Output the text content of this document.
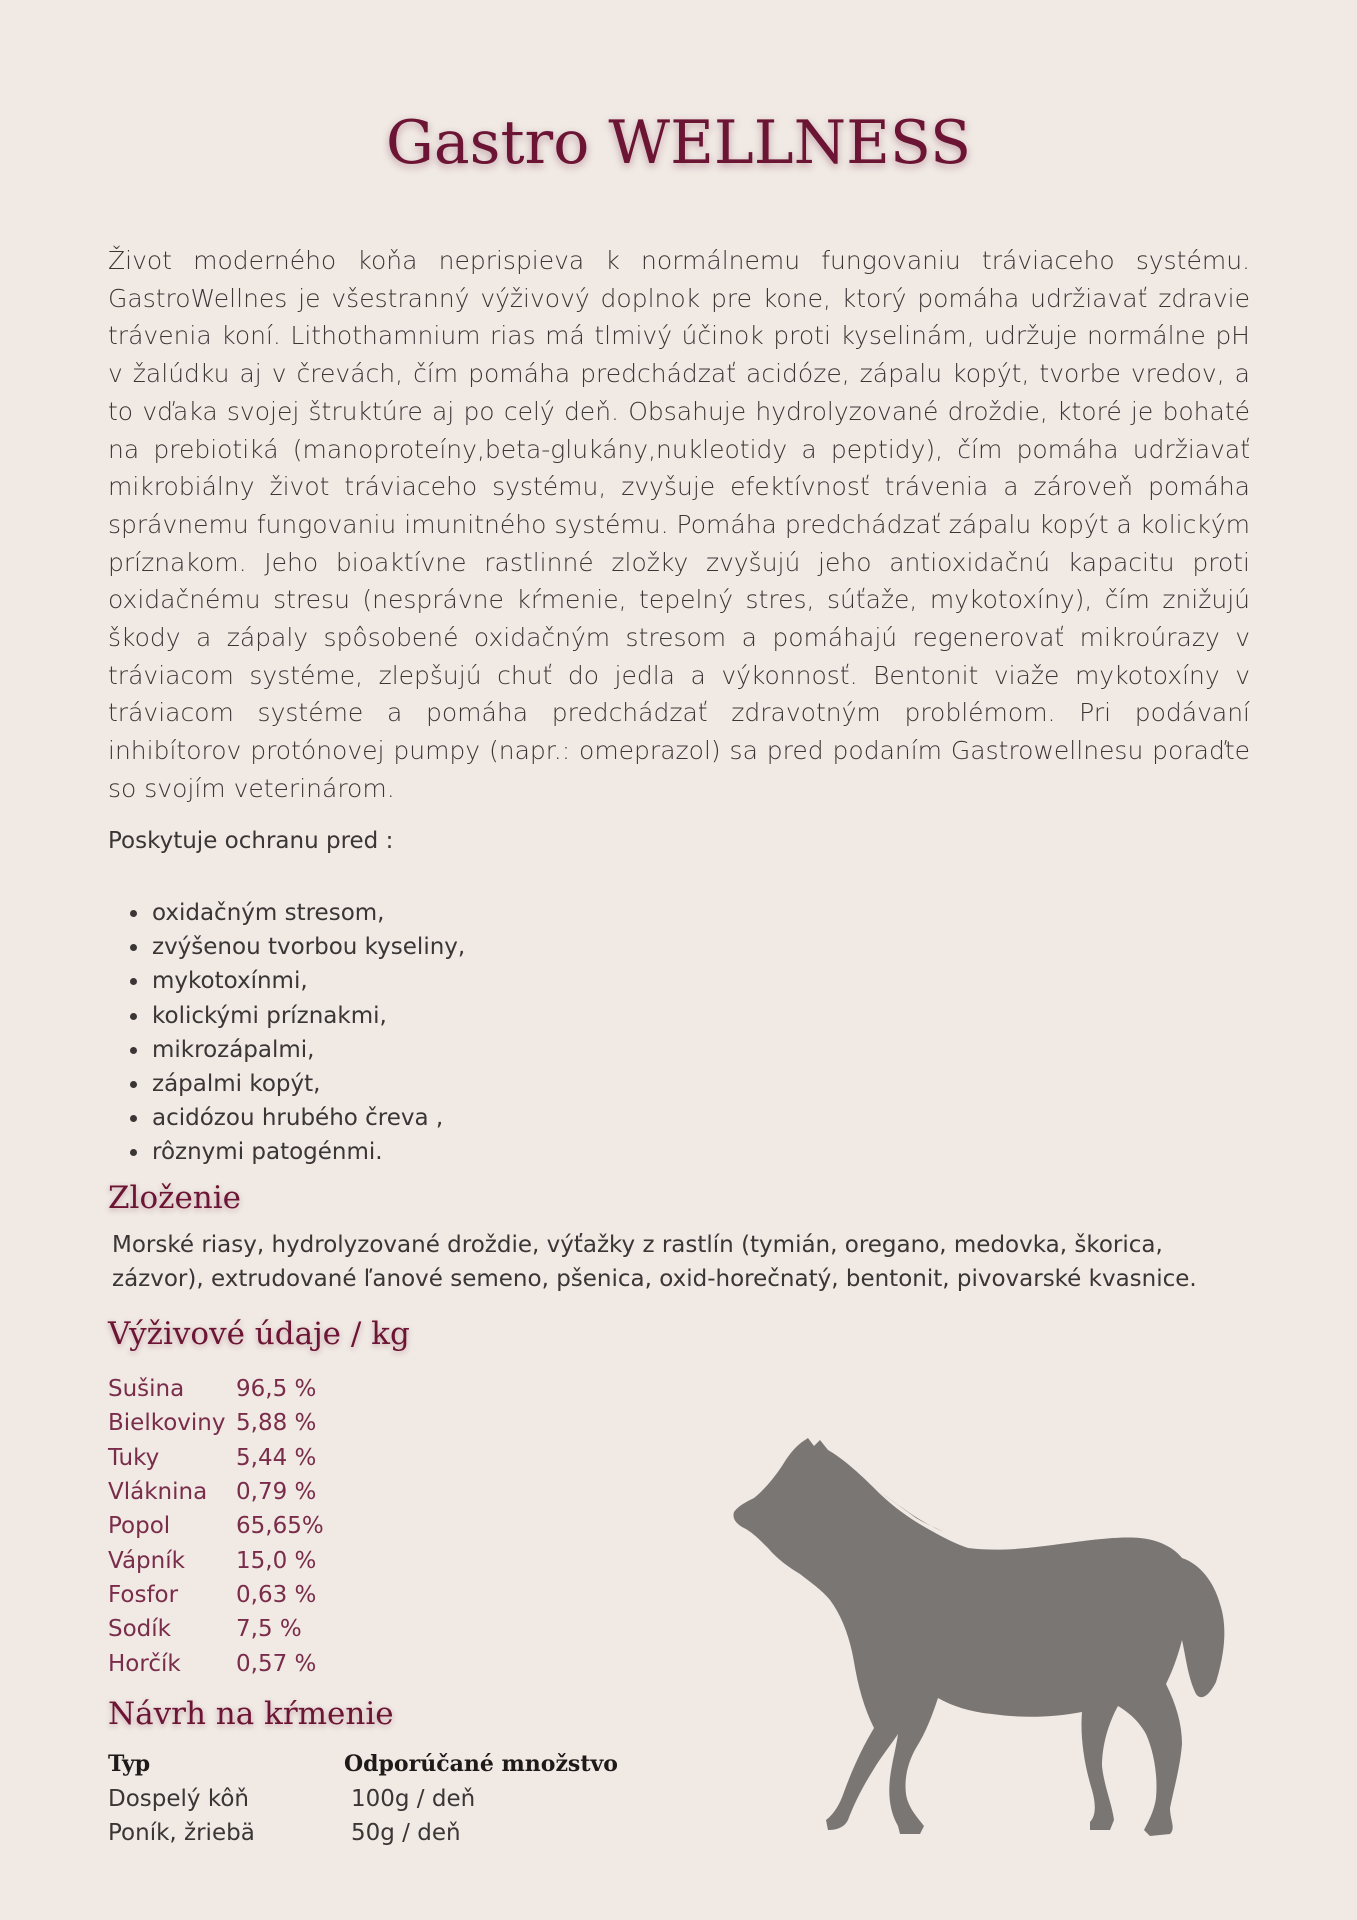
Gastro WELLNESS

Život moderného koňa neprispieva k normálnemu fungovaniu tráviaceho systému. GastroWellnes je všestranný výživový doplnok pre kone, ktorý pomáha udržiavať zdravie trávenia koní. Lithothamnium rias má tlmivý účinok proti kyselinám, udržuje normálne pH v žalúdku aj v črevách, čím pomáha predchádzať acidóze, zápalu kopýt, tvorbe vredov, a to vďaka svojej štruktúre aj po celý deň. Obsahuje hydrolyzované droždie, ktoré je bohaté na prebiotiká (manoproteíny,beta-glukány,nukleotidy a peptidy), čím pomáha udržiavať mikrobiálny život tráviaceho systému, zvyšuje efektívnosť trávenia a zároveň pomáha správnemu fungovaniu imunitného systému. Pomáha predchádzať zápalu kopýt a kolickým príznakom. Jeho bioaktívne rastlinné zložky zvyšujú jeho antioxidačnú kapacitu proti oxidačnému stresu (nesprávne kŕmenie, tepelný stres, súťaže, mykotoxíny), čím znižujú škody a zápaly spôsobené oxidačným stresom a pomáhajú regenerovať mikroúrazy v tráviacom systéme, zlepšujú chuť do jedla a výkonnosť. Bentonit viaže mykotoxíny v tráviacom systéme a pomáha predchádzať zdravotným problémom. Pri podávaní inhibítorov protónovej pumpy (napr.: omeprazol) sa pred podaním Gastrowellnesu poraďte so svojím veterinárom.

Poskytuje ochranu pred :

• oxidačným stresom,
• zvýšenou tvorbou kyseliny,
• mykotoxínmi,
• kolickými príznakmi,
• mikrozápalmi,
• zápalmi kopýt,
• acidózou hrubého čreva ,
• rôznymi patogénmi.
Zloženie

Morské riasy, hydrolyzované droždie, výťažky z rastlín (tymián, oregano, medovka, škorica, zázvor), extrudované ľanové semeno, pšenica, oxid-horečnatý, bentonit, pivovarské kvasnice.

Výživové údaje / kg
Sušina	96,5 %
Bielkoviny	5,88 %
Tuky	5,44 %
Vláknina	0,79 %
Popol	65,65%
Vápník	15,0 %
Fosfor	0,63 %
Sodík	7,5 %
Horčík	0,57 %
Návrh na kŕmenie
Typ	Odporúčané množstvo
Dospelý kôň	100g / deň
Poník, žriebä	50g / deň
